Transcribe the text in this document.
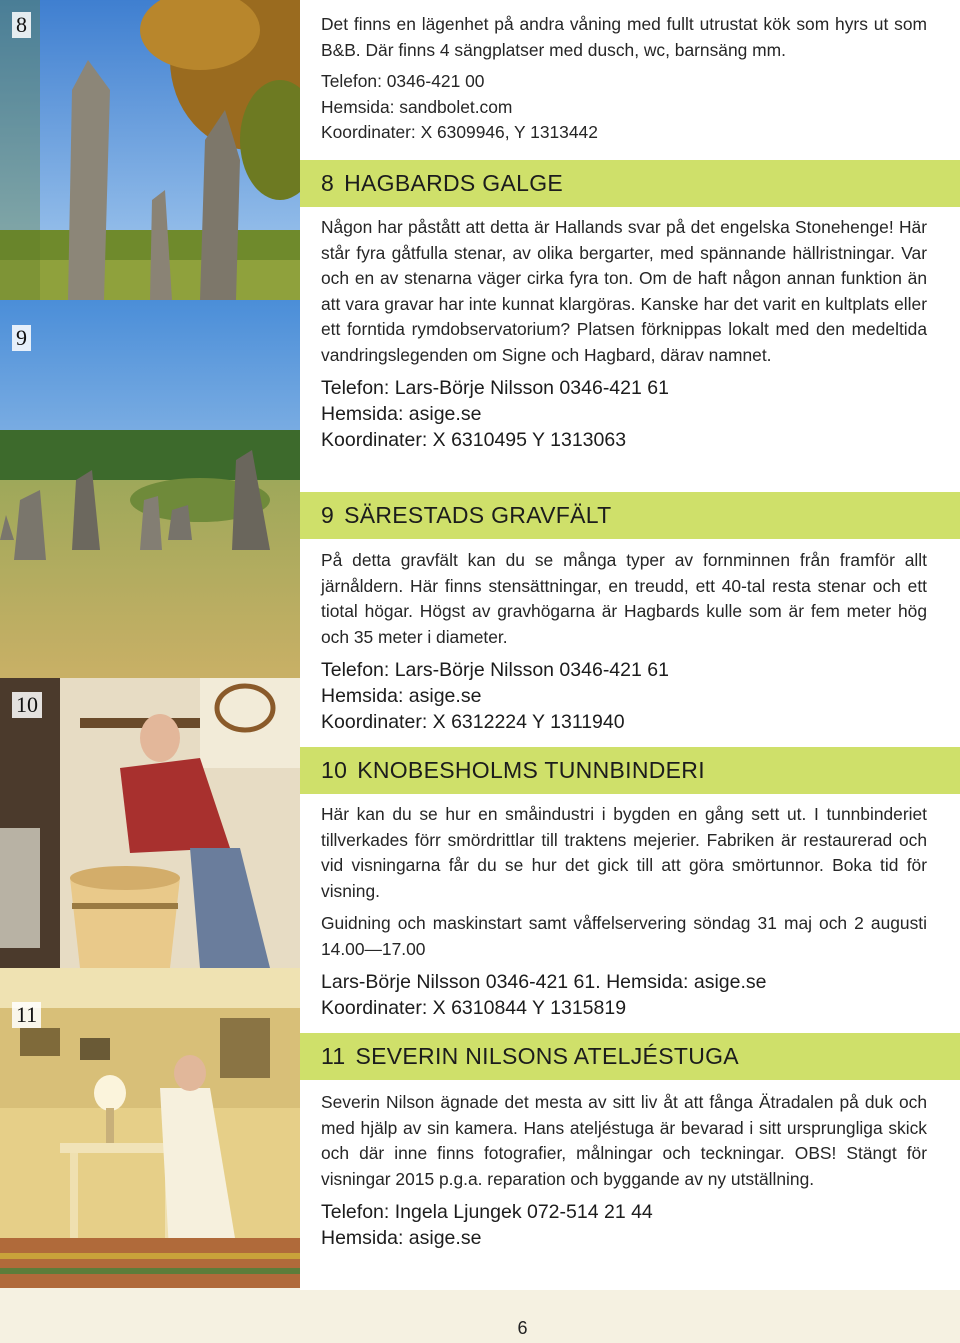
8
9
10
11

Det finns en lägenhet på andra våning med fullt utrustat kök som hyrs ut som B&B. Där finns 4 sängplatser med dusch, wc, barnsäng mm.

Telefon: 0346-421 00

Hemsida: sandbolet.com

Koordinater: X 6309946, Y 1313442

8 HAGBARDS GALGE

Någon har påstått att detta är Hallands svar på det engelska Stonehenge! Här står fyra gåtfulla stenar, av olika bergarter, med spännande hällristningar. Var och en av stenarna väger cirka fyra ton. Om de haft någon annan funktion än att vara gravar har inte kunnat klargöras. Kanske har det varit en kultplats eller ett forntida rymdobservatorium? Platsen förknippas lokalt med den medeltida vandringslegenden om Signe och Hagbard, därav namnet.

Telefon: Lars-Börje Nilsson 0346-421 61

Hemsida: asige.se

Koordinater: X 6310495 Y 1313063

9 SÄRESTADS GRAVFÄLT

På detta gravfält kan du se många typer av fornminnen från framför allt järnåldern. Här finns stensättningar, en treudd, ett 40-tal resta stenar och ett tiotal högar. Högst av gravhögarna är Hagbards kulle som är fem meter hög och 35 meter i diameter.

Telefon: Lars-Börje Nilsson 0346-421 61

Hemsida: asige.se

Koordinater: X 6312224 Y 1311940

10 KNOBESHOLMS TUNNBINDERI

Här kan du se hur en småindustri i bygden en gång sett ut. I tunnbinderiet tillverkades förr smördrittlar till traktens mejerier. Fabriken är restaurerad och vid visningarna får du se hur det gick till att göra smörtunnor. Boka tid för visning.

Guidning och maskinstart samt våffelservering söndag 31 maj och 2 augusti 14.00—17.00

Lars-Börje Nilsson 0346-421 61. Hemsida: asige.se

Koordinater: X 6310844 Y 1315819

11 SEVERIN NILSONS ATELJÉSTUGA

Severin Nilson ägnade det mesta av sitt liv åt att fånga Ätradalen på duk och med hjälp av sin kamera. Hans ateljéstuga är bevarad i sitt ursprungliga skick och där inne finns fotografier, målningar och teckningar. OBS! Stängt för visningar 2015 p.g.a. reparation och byggande av ny utställning.

Telefon: Ingela Ljungek 072-514 21 44

Hemsida: asige.se

6
